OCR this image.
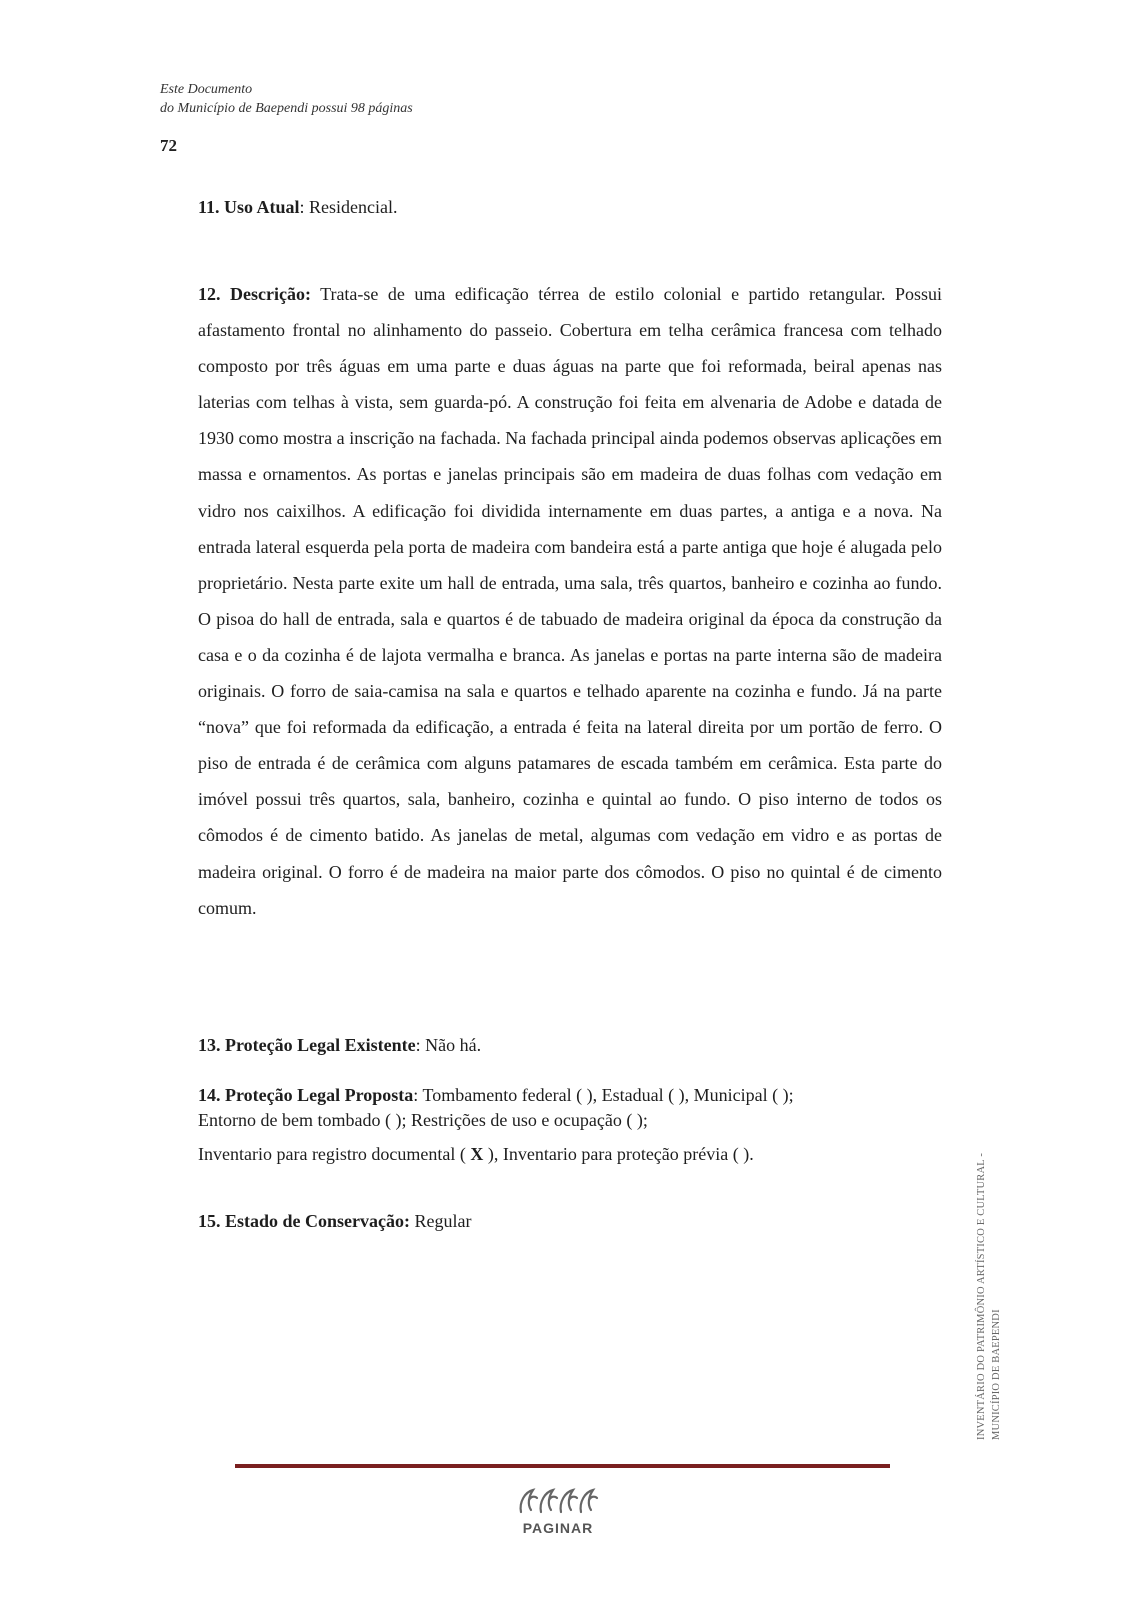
Este Documento
do Município de Baependi possui 98 páginas
72
11. Uso Atual: Residencial.
12. Descrição: Trata-se de uma edificação térrea de estilo colonial e partido retangular. Possui afastamento frontal no alinhamento do passeio. Cobertura em telha cerâmica francesa com telhado composto por três águas em uma parte e duas águas na parte que foi reformada, beiral apenas nas laterias com telhas à vista, sem guarda-pó. A construção foi feita em alvenaria de Adobe e datada de 1930 como mostra a inscrição na fachada. Na fachada principal ainda podemos observas aplicações em massa e ornamentos. As portas e janelas principais são em madeira de duas folhas com vedação em vidro nos caixilhos. A edificação foi dividida internamente em duas partes, a antiga e a nova. Na entrada lateral esquerda pela porta de madeira com bandeira está a parte antiga que hoje é alugada pelo proprietário. Nesta parte exite um hall de entrada, uma sala, três quartos, banheiro e cozinha ao fundo. O pisoa do hall de entrada, sala e quartos é de tabuado de madeira original da época da construção da casa e o da cozinha é de lajota vermalha e branca. As janelas e portas na parte interna são de madeira originais. O forro de saia-camisa na sala e quartos e telhado aparente na cozinha e fundo. Já na parte “nova” que foi reformada da edificação, a entrada é feita na lateral direita por um portão de ferro. O piso de entrada é de cerâmica com alguns patamares de escada também em cerâmica. Esta parte do imóvel possui três quartos, sala, banheiro, cozinha e quintal ao fundo. O piso interno de todos os cômodos é de cimento batido. As janelas de metal, algumas com vedação em vidro e as portas de madeira original. O forro é de madeira na maior parte dos cômodos. O piso no quintal é de cimento comum.
13. Proteção Legal Existente: Não há.
14. Proteção Legal Proposta: Tombamento federal ( ), Estadual ( ), Municipal ( );
Entorno de bem tombado ( ); Restrições de uso e ocupação ( );
Inventario para registro documental ( X ), Inventario para proteção prévia ( ).
15. Estado de Conservação: Regular	INVENTÁRIO DO PATRIMÔNIO ARTÍSTICO E CULTURAL - MUNICÍPIO DE BAEPENDI
PAGINAR
